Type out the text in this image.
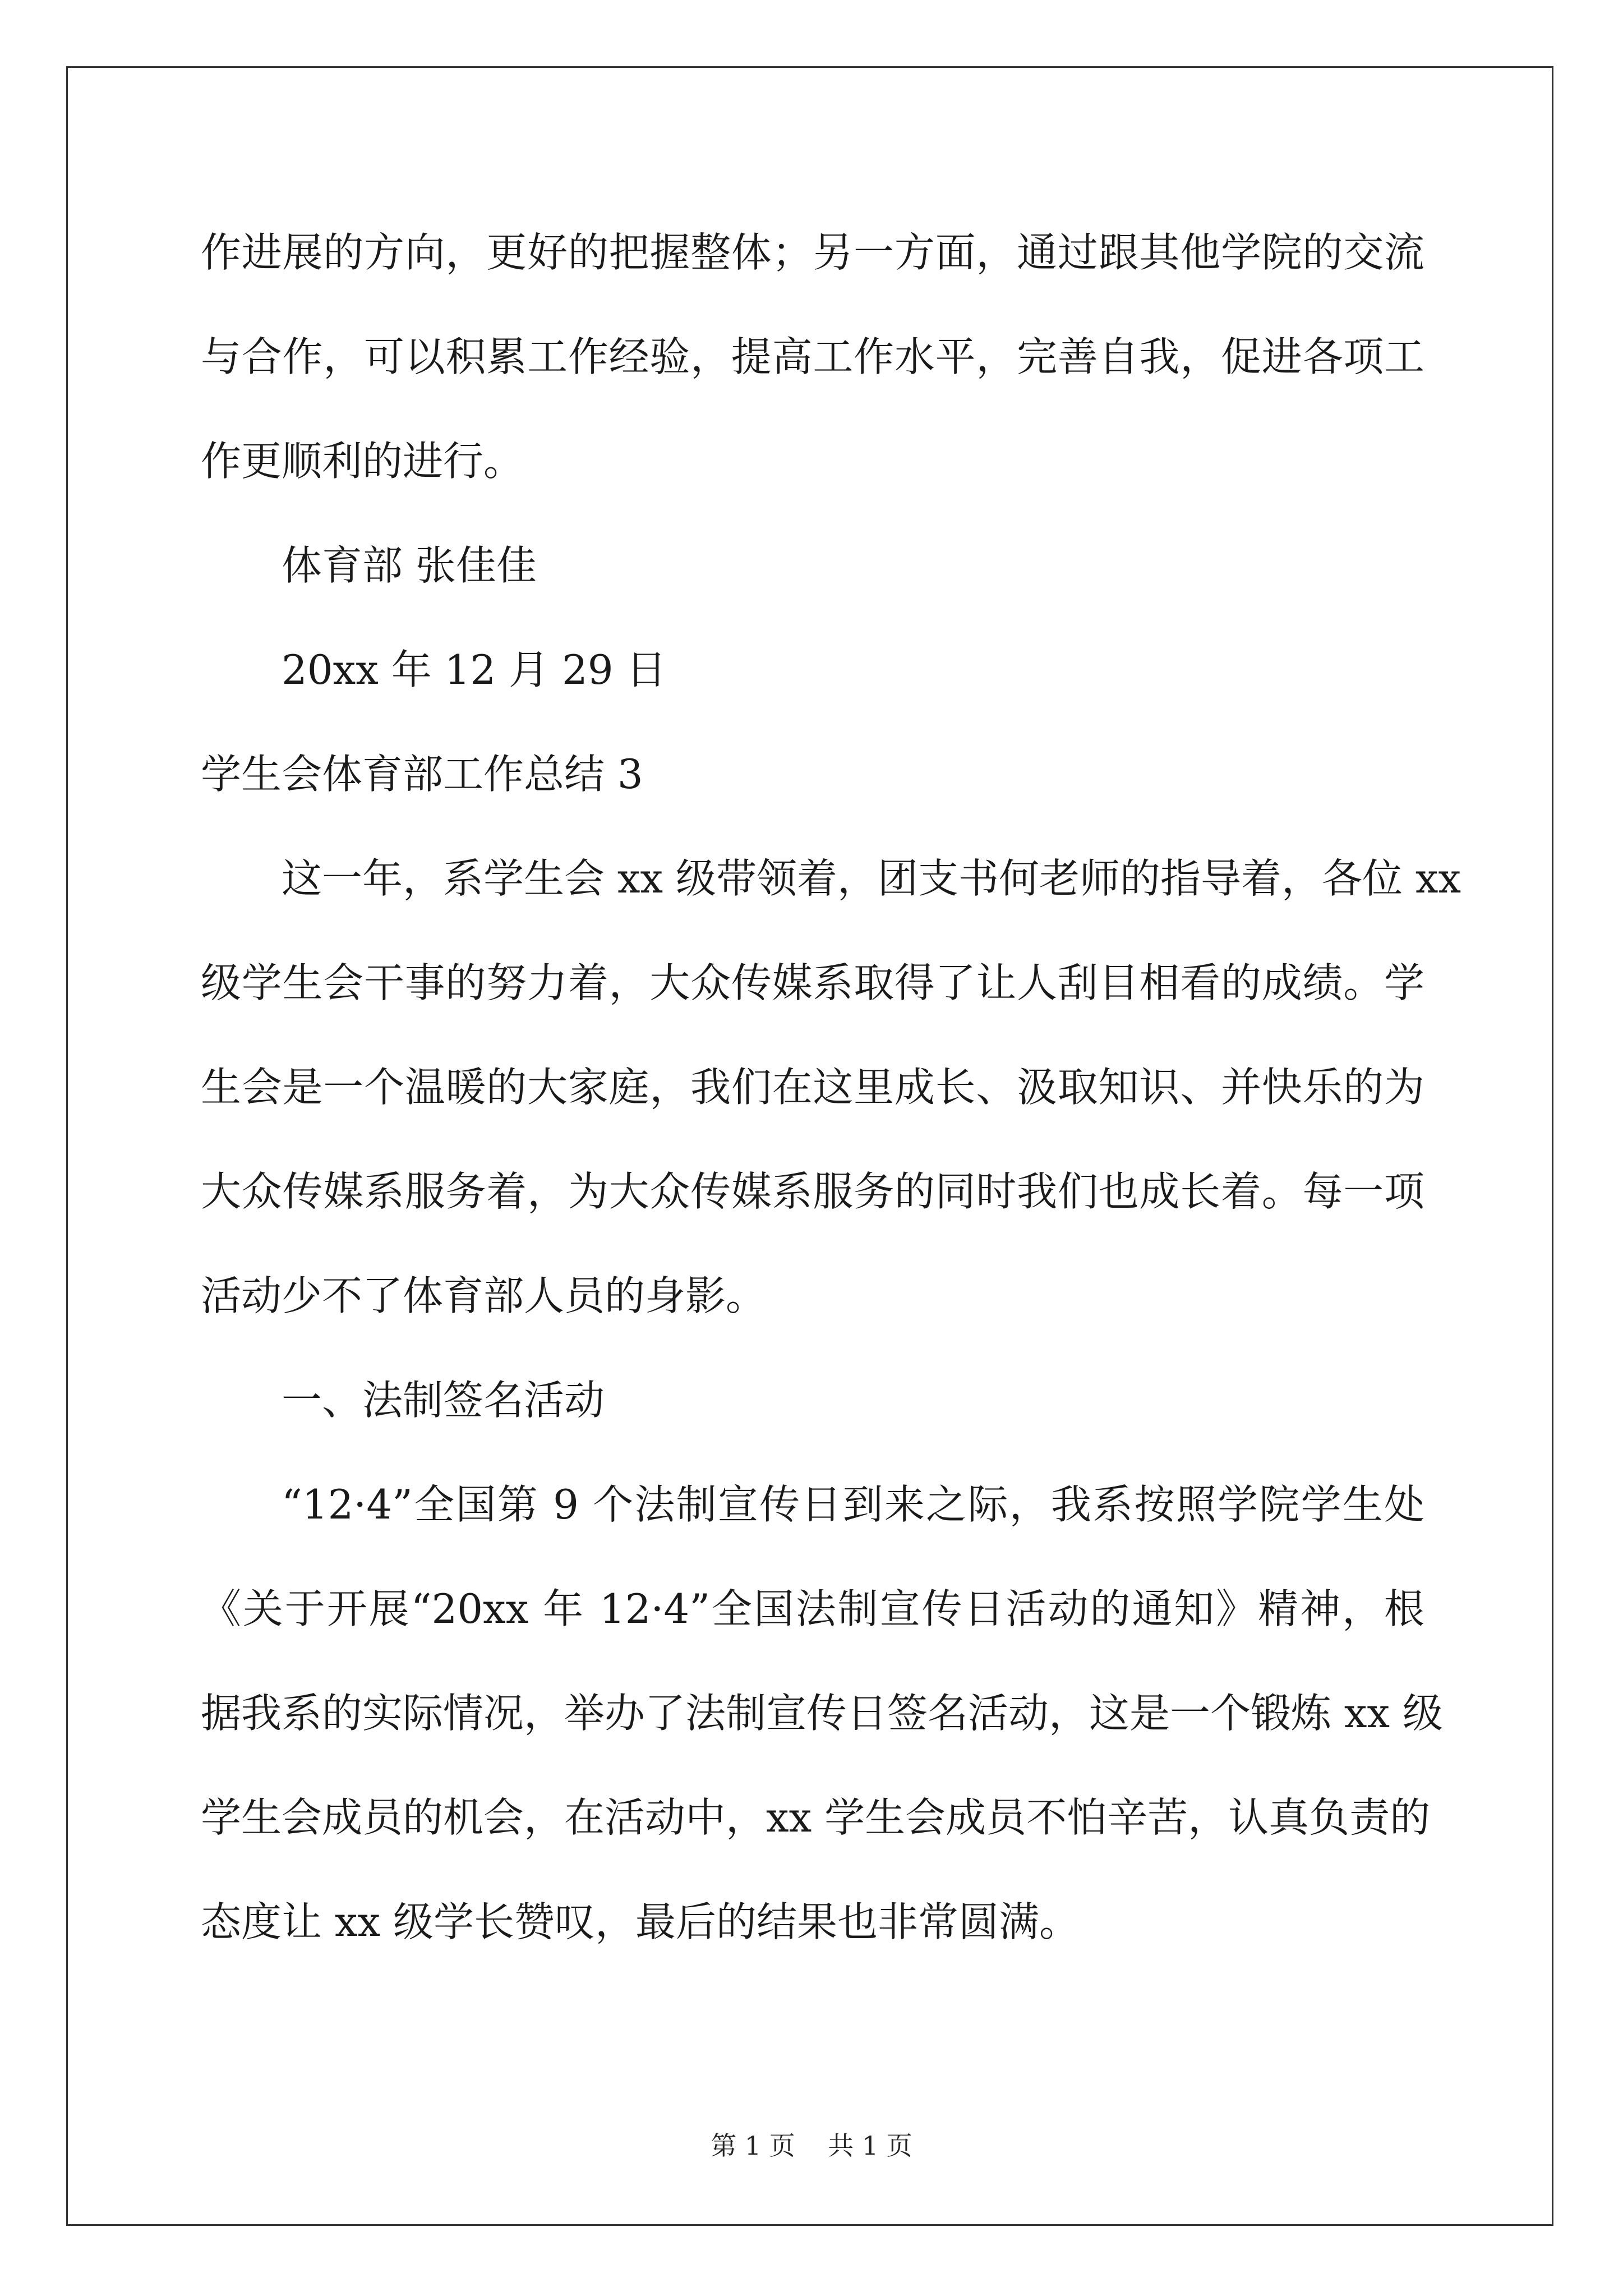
作进展的方向，更好的把握整体；另一方面，通过跟其他学院的交流
与合作，可以积累工作经验，提高工作水平，完善自我，促进各项工
作更顺利的进行。
体育部 张佳佳
20xx 年 12 月 29 日
学生会体育部工作总结 3
这一年，系学生会 xx 级带领着，团支书何老师的指导着，各位 xx
级学生会干事的努力着，大众传媒系取得了让人刮目相看的成绩。学
生会是一个温暖的大家庭，我们在这里成长、汲取知识、并快乐的为
大众传媒系服务着，为大众传媒系服务的同时我们也成长着。每一项
活动少不了体育部人员的身影。
一、法制签名活动
“12·4”全国第 9 个法制宣传日到来之际，我系按照学院学生处
《关于开展“20xx 年 12·4”全国法制宣传日活动的通知》精神，根
据我系的实际情况，举办了法制宣传日签名活动，这是一个锻炼 xx 级
学生会成员的机会，在活动中，xx 学生会成员不怕辛苦，认真负责的
态度让 xx 级学长赞叹，最后的结果也非常圆满。
第 1 页 共 1 页
